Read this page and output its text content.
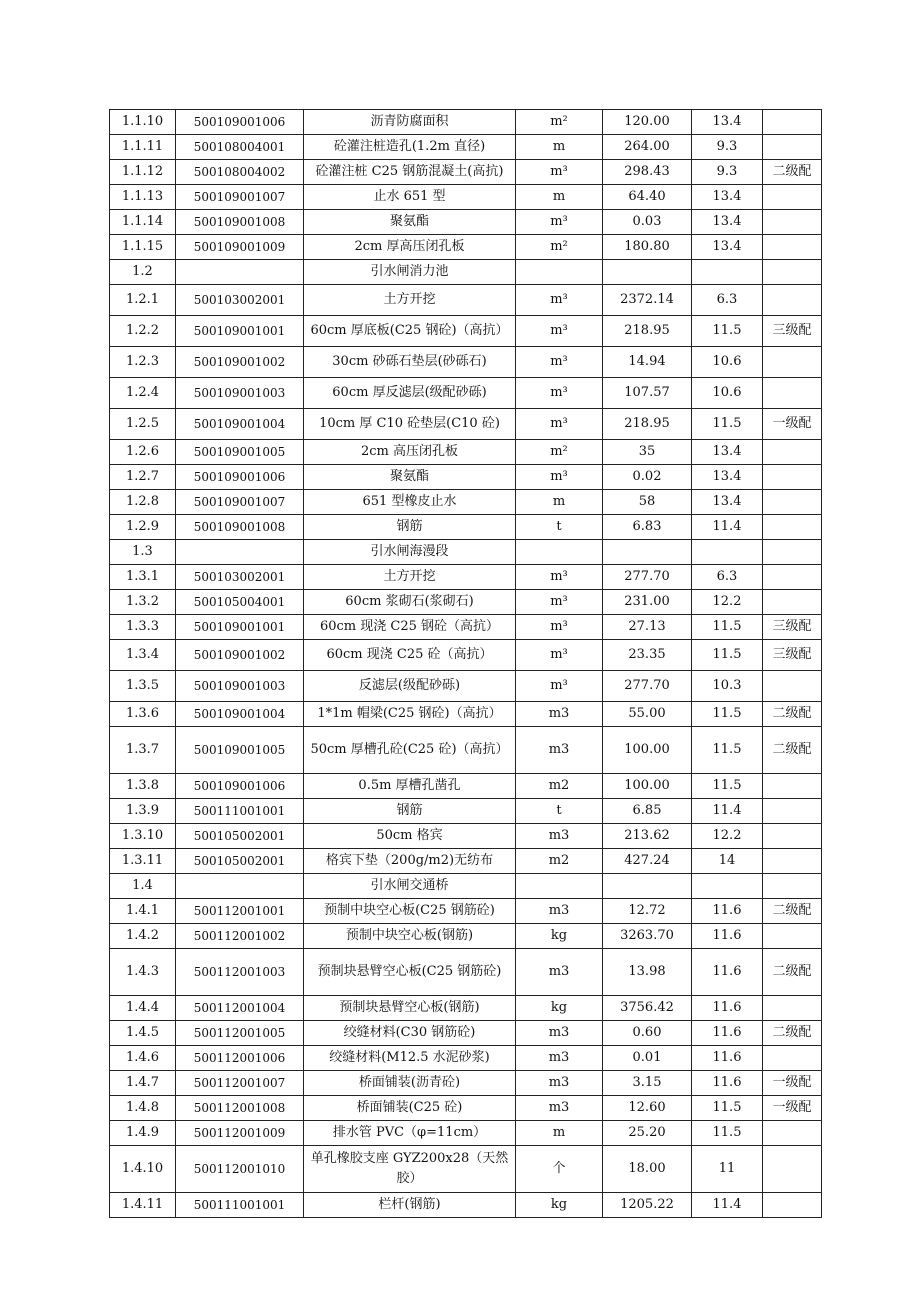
1.1.10	500109001006	沥青防腐面积	m²	120.00	13.4	
1.1.11	500108004001	砼灌注桩造孔(1.2m 直径)	m	264.00	9.3	
1.1.12	500108004002	砼灌注桩 C25 钢筋混凝土(高抗)	m³	298.43	9.3	二级配
1.1.13	500109001007	止水 651 型	m	64.40	13.4	
1.1.14	500109001008	聚氨酯	m³	0.03	13.4	
1.1.15	500109001009	2cm 厚高压闭孔板	m²	180.80	13.4	
1.2		引水闸消力池				
1.2.1	500103002001	土方开挖	m³	2372.14	6.3	
1.2.2	500109001001	60cm 厚底板(C25 钢砼)（高抗）	m³	218.95	11.5	三级配
1.2.3	500109001002	30cm 砂砾石垫层(砂砾石)	m³	14.94	10.6	
1.2.4	500109001003	60cm 厚反滤层(级配砂砾)	m³	107.57	10.6	
1.2.5	500109001004	10cm 厚 C10 砼垫层(C10 砼)	m³	218.95	11.5	一级配
1.2.6	500109001005	2cm 高压闭孔板	m²	35	13.4	
1.2.7	500109001006	聚氨酯	m³	0.02	13.4	
1.2.8	500109001007	651 型橡皮止水	m	58	13.4	
1.2.9	500109001008	钢筋	t	6.83	11.4	
1.3		引水闸海漫段				
1.3.1	500103002001	土方开挖	m³	277.70	6.3	
1.3.2	500105004001	60cm 浆砌石(浆砌石)	m³	231.00	12.2	
1.3.3	500109001001	60cm 现浇 C25 钢砼（高抗）	m³	27.13	11.5	三级配
1.3.4	500109001002	60cm 现浇 C25 砼（高抗）	m³	23.35	11.5	三级配
1.3.5	500109001003	反滤层(级配砂砾)	m³	277.70	10.3	
1.3.6	500109001004	1*1m 帽梁(C25 钢砼)（高抗）	m3	55.00	11.5	二级配
1.3.7	500109001005	50cm 厚槽孔砼(C25 砼)（高抗）	m3	100.00	11.5	二级配
1.3.8	500109001006	0.5m 厚槽孔凿孔	m2	100.00	11.5	
1.3.9	500111001001	钢筋	t	6.85	11.4	
1.3.10	500105002001	50cm 格宾	m3	213.62	12.2	
1.3.11	500105002001	格宾下垫（200g/m2)无纺布	m2	427.24	14	
1.4		引水闸交通桥				
1.4.1	500112001001	预制中块空心板(C25 钢筋砼)	m3	12.72	11.6	二级配
1.4.2	500112001002	预制中块空心板(钢筋)	kg	3263.70	11.6	
1.4.3	500112001003	预制块悬臂空心板(C25 钢筋砼)	m3	13.98	11.6	二级配
1.4.4	500112001004	预制块悬臂空心板(钢筋)	kg	3756.42	11.6	
1.4.5	500112001005	绞缝材料(C30 钢筋砼)	m3	0.60	11.6	二级配
1.4.6	500112001006	绞缝材料(M12.5 水泥砂浆)	m3	0.01	11.6	
1.4.7	500112001007	桥面铺装(沥青砼)	m3	3.15	11.6	一级配
1.4.8	500112001008	桥面铺装(C25 砼)	m3	12.60	11.5	一级配
1.4.9	500112001009	排水管 PVC（φ=11cm）	m	25.20	11.5	
1.4.10	500112001010	单孔橡胶支座 GYZ200x28（天然胶）	个	18.00	11	
1.4.11	500111001001	栏杆(钢筋)	kg	1205.22	11.4	
